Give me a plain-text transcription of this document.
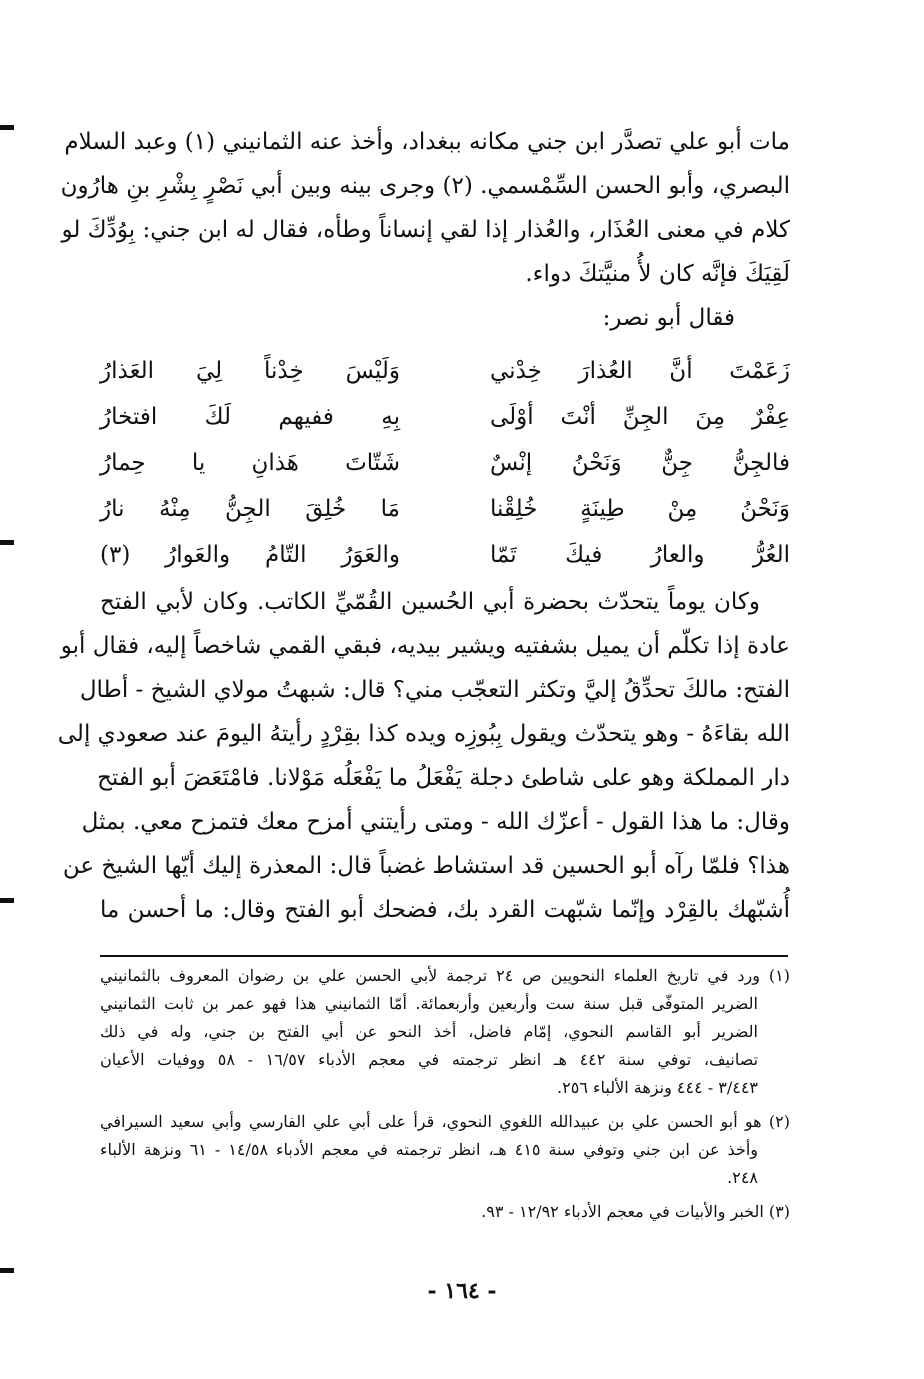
مات أبو علي تصدَّر ابن جني مكانه ببغداد، وأخذ عنه الثمانيني (١) وعبد السلام
البصري، وأبو الحسن السِّمْسمي. (٢) وجرى بينه وبين أبي نَصْرٍ بِشْرِ بنِ هارُون
كلام في معنى العُذَار، والعُذار إذا لقي إنساناً وطأه، فقال له ابن جني: بِوُدِّكَ لو
لَقِيَكَ فإنَّه كان لأُ منيَّتكَ دواء.
فقال أبو نصر:
زَعَمْتَ أنَّ العُذارَ خِدْني
وَلَيْسَ خِدْناً لِيَ العَذارُ
عِفْرٌ مِنَ الجِنِّ أنْتَ أوْلَى
بِهِ ففيهم لَكَ افتخارُ
فالجِنُّ جِنٌّ وَنَحْنُ إنْسٌ
شَتّاتَ هَذانِ يا حِمارُ
وَنَحْنُ مِنْ طِينَةٍ خُلِقْنا
مَا خُلِقَ الجِنُّ مِنْهُ نارُ
العُرُّ والعارُ فيكَ تَمّا
والعَوَرُ التّامُ والعَوارُ (٣)
وكان يوماً يتحدّث بحضرة أبي الحُسين القُمّيِّ الكاتب. وكان لأبي الفتح
عادة إذا تكلّم أن يميل بشفتيه ويشير بيديه، فبقي القمي شاخصاً إليه، فقال أبو
الفتح: مالكَ تحدِّقُ إليَّ وتكثر التعجّب مني؟ قال: شبهتُ مولاي الشيخ - أطال
الله بقاءَهُ - وهو يتحدّث ويقول بِبُوزِه ويده كذا بقِرْدٍ رأيتهُ اليومَ عند صعودي إلى
دار المملكة وهو على شاطئ دجلة يَفْعَلُ ما يَفْعَلُه مَوْلانا. فامْتَعَضَ أبو الفتح
وقال: ما هذا القول - أعزّك الله - ومتى رأيتني أمزح معك فتمزح معي. بمثل
هذا؟ فلمّا رآه أبو الحسين قد استشاط غضباً قال: المعذرة إليك أيّها الشيخ عن
أُشبّهك بالقِرْد وإنّما شبّهت القرد بك، فضحك أبو الفتح وقال: ما أحسن ما
(١) ورد في تاريخ العلماء النحويين ص ٢٤ ترجمة لأبي الحسن علي بن رضوان المعروف بالثمانيني
الضرير المتوفّى قبل سنة ست وأربعين وأربعمائة. أمّا الثمانيني هذا فهو عمر بن ثابت الثمانيني
الضرير أبو القاسم النحوي، إمّام فاضل، أخذ النحو عن أبي الفتح بن جني، وله في ذلك
تصانيف، توفي سنة ٤٤٢ هـ انظر ترجمته في معجم الأدباء ١٦/٥٧ - ٥٨ ووفيات الأعيان
٣/٤٤٣ - ٤٤٤ ونزهة الألباء ٢٥٦.
(٢) هو أبو الحسن علي بن عبيدالله اللغوي النحوي، قرأ على أبي علي الفارسي وأبي سعيد السيرافي
وأخذ عن ابن جني وتوفي سنة ٤١٥ هـ، انظر ترجمته في معجم الأدباء ١٤/٥٨ - ٦١ ونزهة الألباء
٢٤٨.
(٣) الخبر والأبيات في معجم الأدباء ١٢/٩٢ - ٩٣.
- ١٦٤ -
